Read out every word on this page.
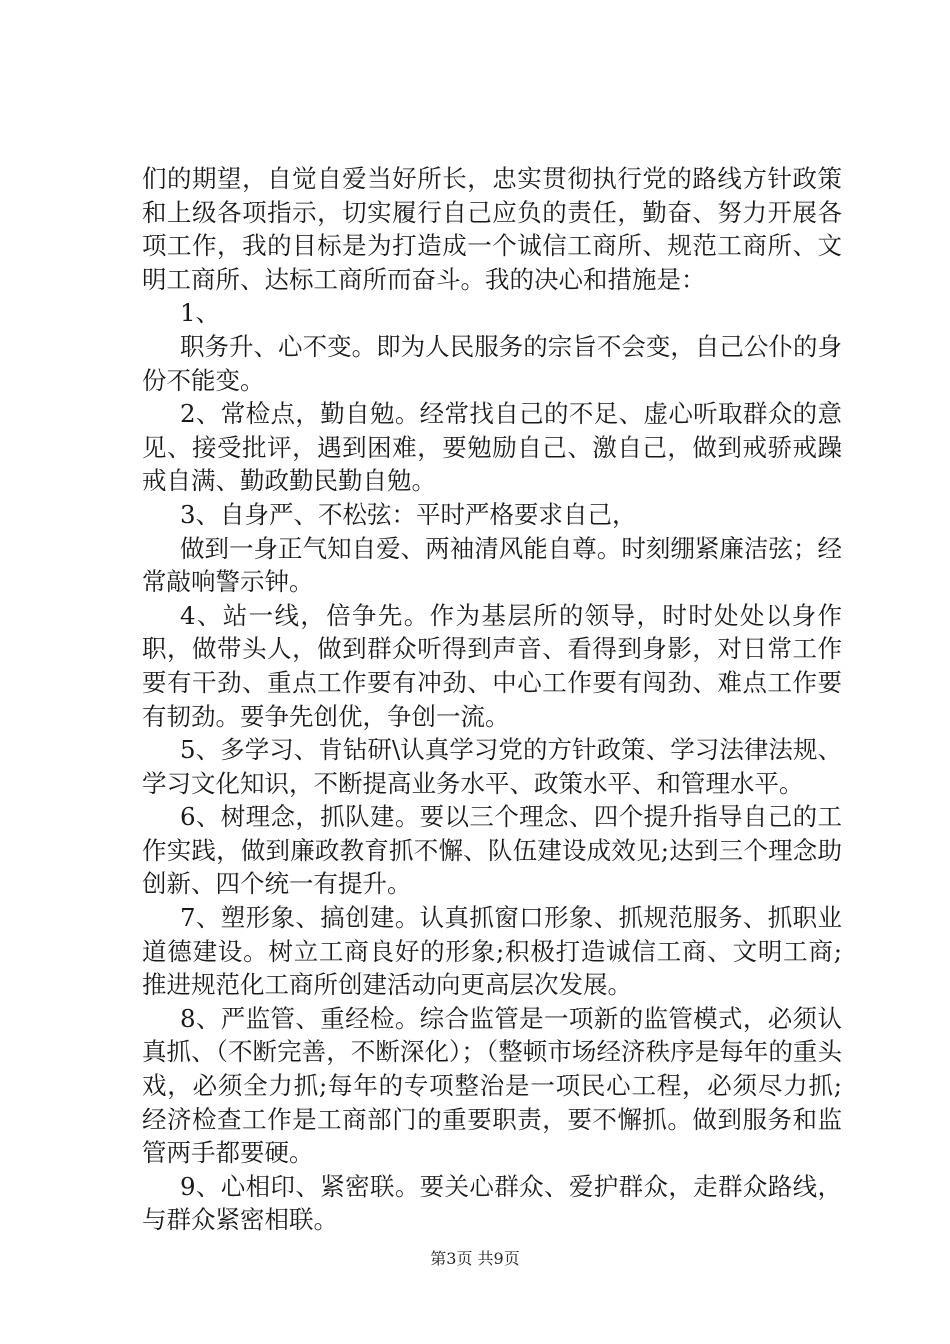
们的期望，自觉自爱当好所长，忠实贯彻执行党的路线方针政策和上级各项指示，切实履行自己应负的责任，勤奋、努力开展各项工作，我的目标是为打造成一个诚信工商所、规范工商所、文明工商所、达标工商所而奋斗。我的决心和措施是：

1、

职务升、心不变。即为人民服务的宗旨不会变，自己公仆的身份不能变。

2、常检点，勤自勉。经常找自己的不足、虚心听取群众的意见、接受批评，遇到困难，要勉励自己、激自己，做到戒骄戒躁戒自满、勤政勤民勤自勉。

3、自身严、不松弦：平时严格要求自己，

做到一身正气知自爱、两袖清风能自尊。时刻绷紧廉洁弦；经常敲响警示钟。

4、站一线，倍争先。作为基层所的领导，时时处处以身作职，做带头人，做到群众听得到声音、看得到身影，对日常工作要有干劲、重点工作要有冲劲、中心工作要有闯劲、难点工作要有韧劲。要争先创优，争创一流。

5、多学习、肯钻研\认真学习党的方针政策、学习法律法规、学习文化知识，不断提高业务水平、政策水平、和管理水平。

6、树理念，抓队建。要以三个理念、四个提升指导自己的工作实践，做到廉政教育抓不懈、队伍建设成效见;达到三个理念助创新、四个统一有提升。

7、塑形象、搞创建。认真抓窗口形象、抓规范服务、抓职业道德建设。树立工商良好的形象;积极打造诚信工商、文明工商;推进规范化工商所创建活动向更高层次发展。

8、严监管、重经检。综合监管是一项新的监管模式，必须认真抓、（不断完善，不断深化）；（整顿市场经济秩序是每年的重头戏，必须全力抓;每年的专项整治是一项民心工程，必须尽力抓;经济检查工作是工商部门的重要职责，要不懈抓。做到服务和监管两手都要硬。

9、心相印、紧密联。要关心群众、爱护群众，走群众路线，与群众紧密相联。

第3页 共9页
